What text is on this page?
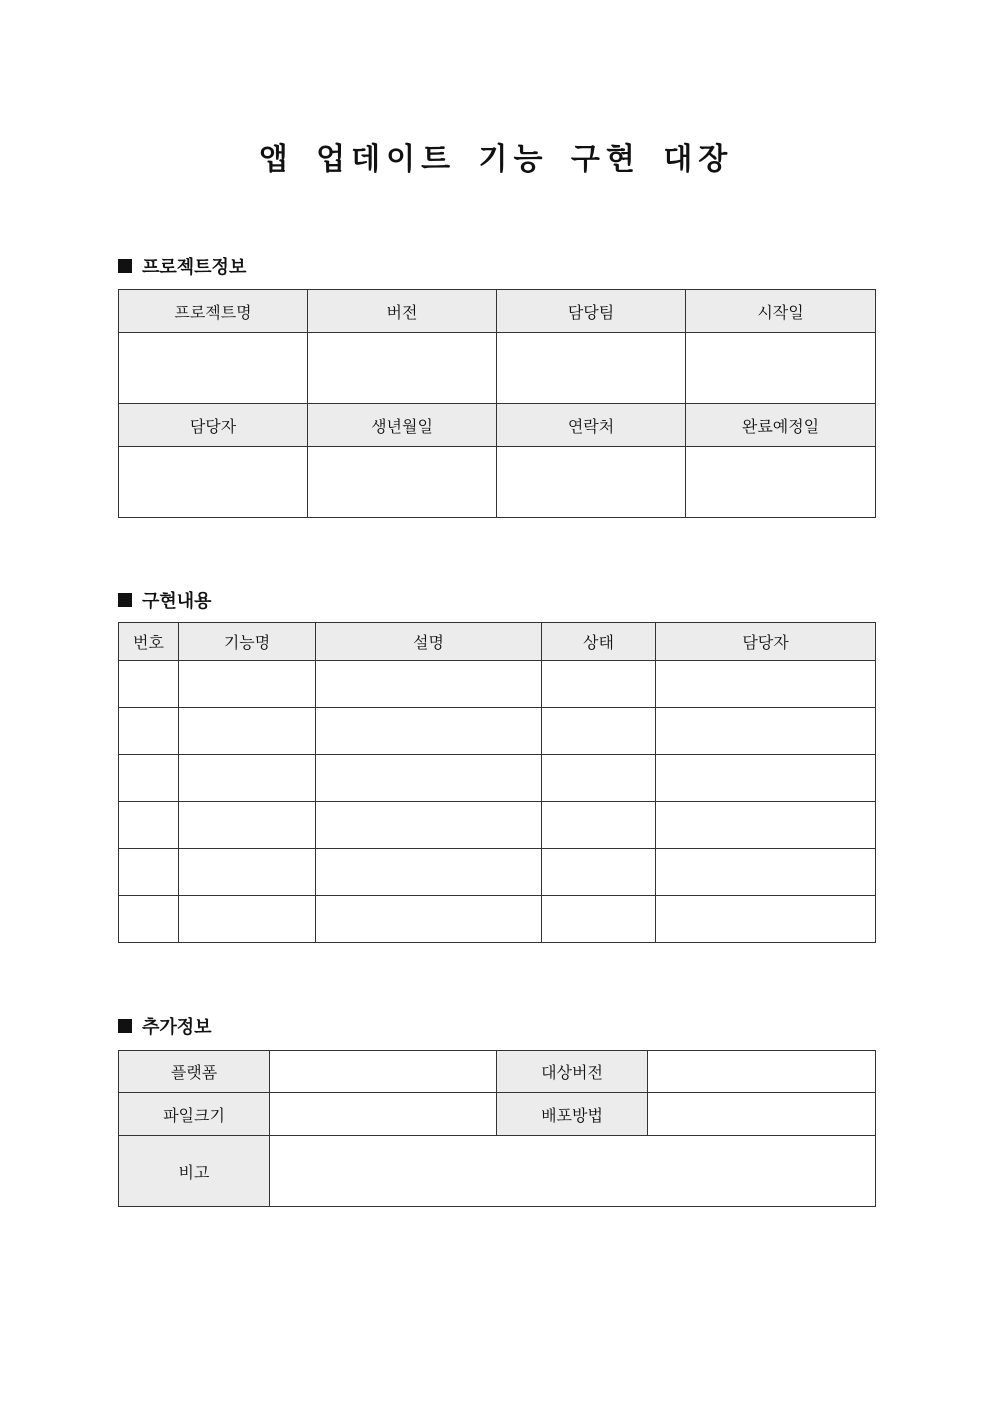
앱 업데이트 기능 구현 대장
프로젝트정보
프로젝트명	버전	담당팀	시작일

담당자	생년월일	연락처	완료예정일

구현내용
번호	기능명	설명	상태	담당자

추가정보
플랫폼		대상버전	
파일크기		배포방법	
비고			
